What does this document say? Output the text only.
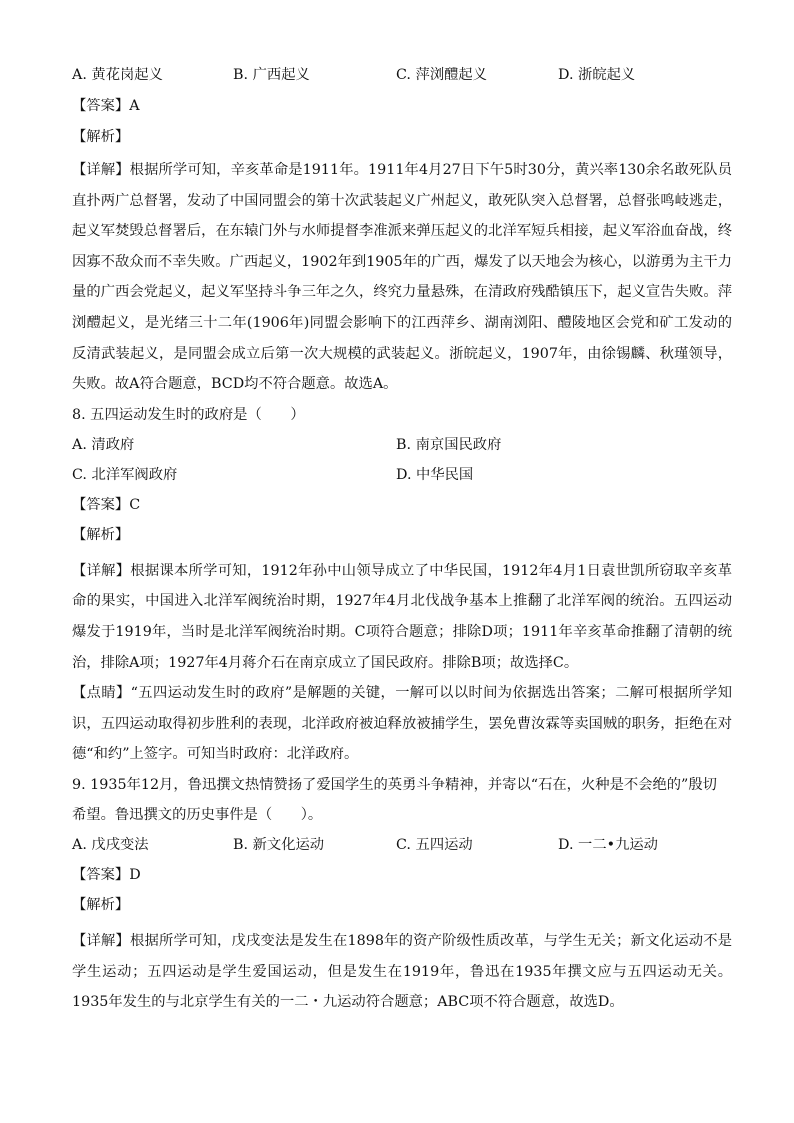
A. 黄花岗起义	B. 广西起义	C. 萍浏醴起义	D. 浙皖起义
【答案】A
【解析】

【详解】根据所学可知，辛亥革命是1911年。1911年4月27日下午5时30分，黄兴率130余名敢死队员直扑两广总督署，发动了中国同盟会的第十次武装起义广州起义，敢死队突入总督署，总督张鸣岐逃走，起义军焚毁总督署后，在东辕门外与水师提督李准派来弹压起义的北洋军短兵相接，起义军浴血奋战，终因寡不敌众而不幸失败。广西起义，1902年到1905年的广西，爆发了以天地会为核心，以游勇为主干力量的广西会党起义，起义军坚持斗争三年之久，终究力量悬殊，在清政府残酷镇压下，起义宣告失败。萍浏醴起义，是光绪三十二年(1906年)同盟会影响下的江西萍乡、湖南浏阳、醴陵地区会党和矿工发动的反清武装起义，是同盟会成立后第一次大规模的武装起义。浙皖起义，1907年，由徐锡麟、秋瑾领导，失败。故A符合题意，BCD均不符合题意。故选A。

8. 五四运动发生时的政府是（　　）
A. 清政府	B. 南京国民政府
C. 北洋军阀政府	D. 中华民国
【答案】C
【解析】

【详解】根据课本所学可知，1912年孙中山领导成立了中华民国，1912年4月1日袁世凯所窃取辛亥革命的果实，中国进入北洋军阀统治时期，1927年4月北伐战争基本上推翻了北洋军阀的统治。五四运动爆发于1919年，当时是北洋军阀统治时期。C项符合题意；排除D项；1911年辛亥革命推翻了清朝的统治，排除A项；1927年4月蒋介石在南京成立了国民政府。排除B项；故选择C。

【点睛】“五四运动发生时的政府”是解题的关键，一解可以以时间为依据选出答案；二解可根据所学知识，五四运动取得初步胜利的表现，北洋政府被迫释放被捕学生，罢免曹汝霖等卖国贼的职务，拒绝在对德“和约”上签字。可知当时政府：北洋政府。

9. 1935年12月，鲁迅撰文热情赞扬了爱国学生的英勇斗争精神，并寄以“石在，火种是不会绝的”殷切
希望。鲁迅撰文的历史事件是（　　）。
A. 戊戌变法	B. 新文化运动	C. 五四运动	D. 一二•九运动
【答案】D
【解析】

【详解】根据所学可知，戊戌变法是发生在1898年的资产阶级性质改革，与学生无关；新文化运动不是学生运动；五四运动是学生爱国运动，但是发生在1919年，鲁迅在1935年撰文应与五四运动无关。1935年发生的与北京学生有关的一二・九运动符合题意；ABC项不符合题意，故选D。
